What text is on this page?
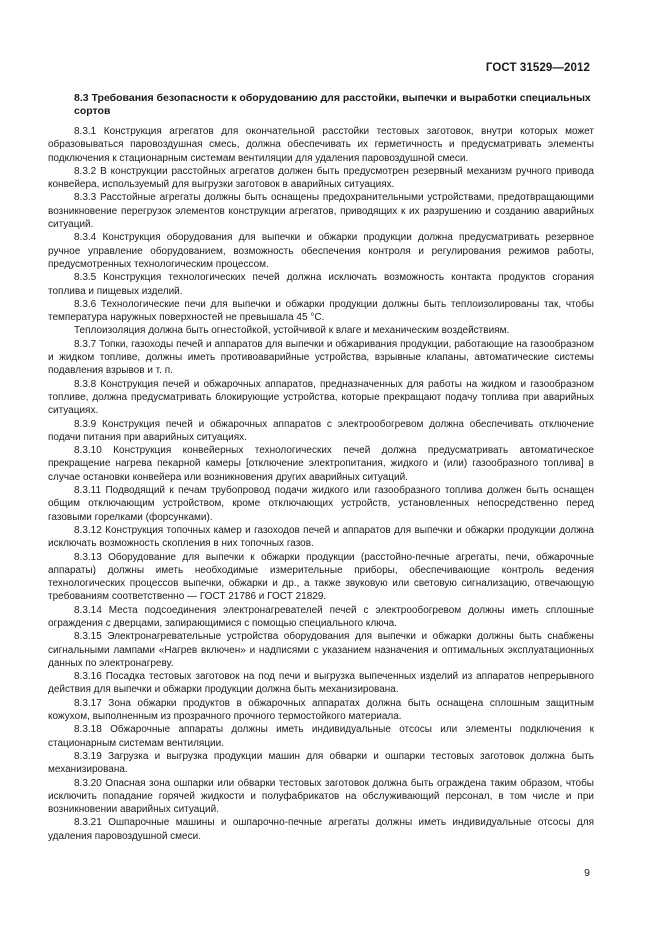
ГОСТ 31529—2012
8.3 Требования безопасности к оборудованию для расстойки, выпечки и выработки специальных сортов

8.3.1 Конструкция агрегатов для окончательной расстойки тестовых заготовок, внутри которых может образовываться паровоздушная смесь, должна обеспечивать их герметичность и предусматривать элементы подключения к стационарным системам вентиляции для удаления паровоздушной смеси.

8.3.2 В конструкции расстойных агрегатов должен быть предусмотрен резервный механизм ручного привода конвейера, используемый для выгрузки заготовок в аварийных ситуациях.

8.3.3 Расстойные агрегаты должны быть оснащены предохранительными устройствами, предотвращающими возникновение перегрузок элементов конструкции агрегатов, приводящих к их разрушению и созданию аварийных ситуаций.

8.3.4 Конструкция оборудования для выпечки и обжарки продукции должна предусматривать резервное ручное управление оборудованием, возможность обеспечения контроля и регулирования режимов работы, предусмотренных технологическим процессом.

8.3.5 Конструкция технологических печей должна исключать возможность контакта продуктов сгорания топлива и пищевых изделий.

8.3.6 Технологические печи для выпечки и обжарки продукции должны быть теплоизолированы так, чтобы температура наружных поверхностей не превышала 45 °С.

Теплоизоляция должна быть огнестойкой, устойчивой к влаге и механическим воздействиям.

8.3.7 Топки, газоходы печей и аппаратов для выпечки и обжаривания продукции, работающие на газообразном и жидком топливе, должны иметь противоаварийные устройства, взрывные клапаны, автоматические системы подавления взрывов и т. п.

8.3.8 Конструкция печей и обжарочных аппаратов, предназначенных для работы на жидком и газообразном топливе, должна предусматривать блокирующие устройства, которые прекращают подачу топлива при аварийных ситуациях.

8.3.9 Конструкция печей и обжарочных аппаратов с электрообогревом должна обеспечивать отключение подачи питания при аварийных ситуациях.

8.3.10 Конструкция конвейерных технологических печей должна предусматривать автоматическое прекращение нагрева пекарной камеры [отключение электропитания, жидкого и (или) газообразного топлива] в случае остановки конвейера или возникновения других аварийных ситуаций.

8.3.11 Подводящий к печам трубопровод подачи жидкого или газообразного топлива должен быть оснащен общим отключающим устройством, кроме отключающих устройств, установленных непосредственно перед газовыми горелками (форсунками).

8.3.12 Конструкция топочных камер и газоходов печей и аппаратов для выпечки и обжарки продукции должна исключать возможность скопления в них топочных газов.

8.3.13 Оборудование для выпечки к обжарки продукции (расстойно-печные агрегаты, печи, обжарочные аппараты) должны иметь необходимые измерительные приборы, обеспечивающие контроль ведения технологических процессов выпечки, обжарки и др., а также звуковую или световую сигнализацию, отвечающую требованиям соответственно — ГОСТ 21786 и ГОСТ 21829.

8.3.14 Места подсоединения электронагревателей печей с электрообогревом должны иметь сплошные ограждения с дверцами, запирающимися с помощью специального ключа.

8.3.15 Электронагревательные устройства оборудования для выпечки и обжарки должны быть снабжены сигнальными лампами «Нагрев включен» и надписями с указанием назначения и оптимальных эксплуатационных данных по электронагреву.

8.3.16 Посадка тестовых заготовок на под печи и выгрузка выпеченных изделий из аппаратов непрерывного действия для выпечки и обжарки продукции должна быть механизирована.

8.3.17 Зона обжарки продуктов в обжарочных аппаратах должна быть оснащена сплошным защитным кожухом, выполненным из прозрачного прочного термостойкого материала.

8.3.18 Обжарочные аппараты должны иметь индивидуальные отсосы или элементы подключения к стационарным системам вентиляции.

8.3.19 Загрузка и выгрузка продукции машин для обварки и ошпарки тестовых заготовок должна быть механизирована.

8.3.20 Опасная зона ошпарки или обварки тестовых заготовок должна быть ограждена таким образом, чтобы исключить попадание горячей жидкости и полуфабрикатов на обслуживающий персонал, в том числе и при возникновении аварийных ситуаций.

8.3.21 Ошпарочные машины и ошпарочно-печные агрегаты должны иметь индивидуальные отсосы для удаления паровоздушной смеси.

9
